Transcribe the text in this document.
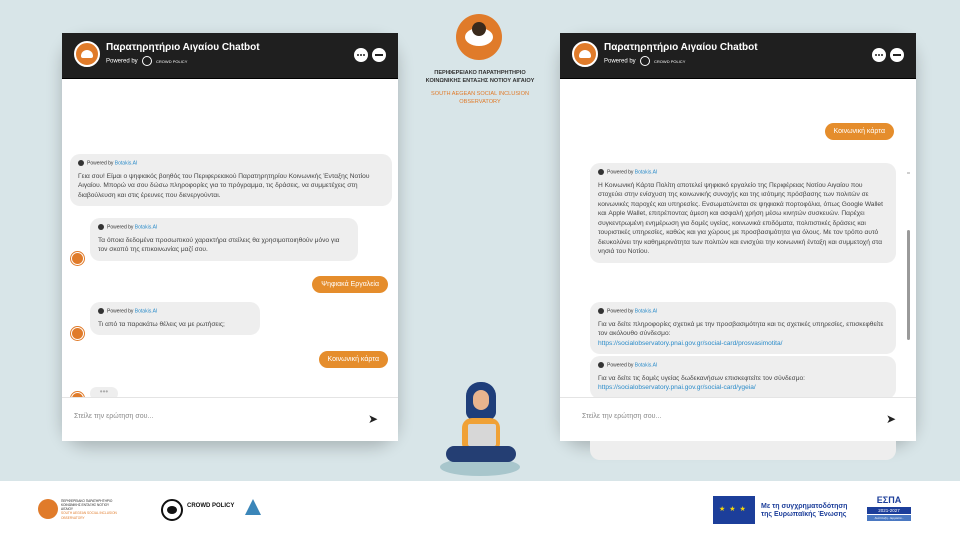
Παρατηρητήριο Αιγαίου Chatbot
Powered by	CROWD POLICY
Powered by Botakis.AI
Γεια σου! Είμαι ο ψηφιακός βοηθός του Περιφερειακού Παρατηρητηρίου Κοινωνικής Ένταξης Νοτίου Αιγαίου. Μπορώ να σου δώσω πληροφορίες για το πρόγραμμα, τις δράσεις, να συμμετέχεις στη διαβούλευση και στις έρευνες που διενεργούνται.
Powered by Botakis.AI
Τα όποια δεδομένα προσωπικού χαρακτήρα στείλεις θα χρησιμοποιηθούν μόνο για τον σκοπό της επικοινωνίας μαζί σου.
Ψηφιακά Εργαλεία
Powered by Botakis.AI
Τι από τα παρακάτω θέλεις να με ρωτήσεις;
Κοινωνική κάρτα
•••
Στείλε την ερώτηση σου...	➤
ΠΕΡΙΦΕΡΕΙΑΚΟ ΠΑΡΑΤΗΡΗΤΗΡΙΟ ΚΟΙΝΩΝΙΚΗΣ ΕΝΤΑΞΗΣ ΝΟΤΙΟΥ ΑΙΓΑΙΟΥ
SOUTH AEGEAN SOCIAL INCLUSION OBSERVATORY
Παρατηρητήριο Αιγαίου Chatbot
Powered by	CROWD POLICY
Κοινωνική κάρτα
Powered by Botakis.AI
Η Κοινωνική Κάρτα Πολίτη αποτελεί ψηφιακό εργαλείο της Περιφέρειας Νοτίου Αιγαίου που στοχεύει στην ενίσχυση της κοινωνικής συνοχής και της ισότιμης πρόσβασης των πολιτών σε κοινωνικές παροχές και υπηρεσίες. Ενσωματώνεται σε ψηφιακά πορτοφόλια, όπως Google Wallet και Apple Wallet, επιτρέποντας άμεση και ασφαλή χρήση μέσω κινητών συσκευών. Παρέχει συγκεντρωμένη ενημέρωση για δομές υγείας, κοινωνικά επιδόματα, πολιτιστικές δράσεις και τουριστικές υπηρεσίες, καθώς και για χώρους με προσβασιμότητα για όλους. Με τον τρόπο αυτό διευκολύνει την καθημερινότητα των πολιτών και ενισχύει την κοινωνική ένταξη και συμμετοχή στα νησιά του Νοτίου.
Powered by Botakis.AI
Για να δείτε πληροφορίες σχετικά με την προσβασιμότητα και τις σχετικές υπηρεσίες, επισκεφθείτε τον ακόλουθο σύνδεσμο:
https://socialobservatory.pnai.gov.gr/social-card/prosvasimotita/
Powered by Botakis.AI
Για να δείτε τις δομές υγείας δωδεκανήσων επισκεφτείτε τον σύνδεσμο:
https://socialobservatory.pnai.gov.gr/social-card/ygeia/
Στείλε την ερώτηση σου...	➤
ΠΕΡΙΦΕΡΕΙΑΚΟ ΠΑΡΑΤΗΡΗΤΗΡΙΟ ΚΟΙΝΩΝΙΚΗΣ ΕΝΤΑΞΗΣ ΝΟΤΙΟΥ ΑΙΓΑΙΟΥ
SOUTH AEGEAN SOCIAL INCLUSION OBSERVATORY
CROWD POLICY
★ ★ ★	Με τη συγχρηματοδότηση
της Ευρωπαϊκής Ένωσης
ΕΣΠΑ
2021-2027
Ανάπτυξη - Εργασία - Αλληλεγγύη
